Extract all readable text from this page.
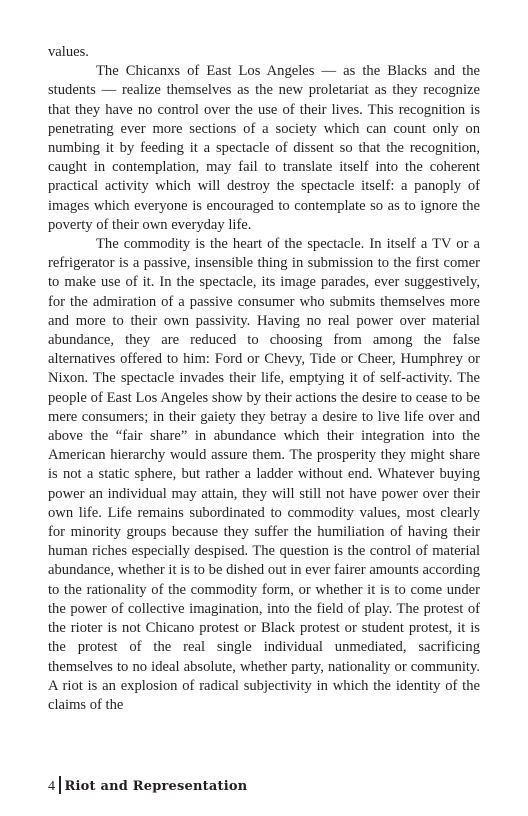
values.

The Chicanxs of East Los Angeles — as the Blacks and the students — realize themselves as the new proletariat as they recognize that they have no control over the use of their lives. This recognition is penetrating ever more sections of a society which can count only on numbing it by feeding it a spectacle of dissent so that the recognition, caught in contemplation, may fail to translate itself into the coherent practical activity which will destroy the spectacle itself: a panoply of images which everyone is encouraged to contemplate so as to ignore the poverty of their own everyday life.

The commodity is the heart of the spectacle. In itself a TV or a refrigerator is a passive, insensible thing in submission to the first comer to make use of it. In the spectacle, its image parades, ever suggestively, for the admiration of a passive consumer who submits themselves more and more to their own passivity. Having no real power over material abundance, they are reduced to choosing from among the false alternatives offered to him: Ford or Chevy, Tide or Cheer, Humphrey or Nixon. The spectacle invades their life, emptying it of self-activity. The people of East Los Angeles show by their actions the desire to cease to be mere consumers; in their gaiety they betray a desire to live life over and above the “fair share” in abundance which their integration into the American hierarchy would assure them. The prosperity they might share is not a static sphere, but rather a ladder without end. Whatever buying power an individual may attain, they will still not have power over their own life. Life remains subordinated to commodity values, most clearly for minority groups because they suffer the humiliation of having their human riches especially despised. The question is the control of material abundance, whether it is to be dished out in ever fairer amounts according to the rationality of the commodity form, or whether it is to come under the power of collective imagination, into the field of play. The protest of the rioter is not Chicano protest or Black protest or student protest, it is the protest of the real single individual unmediated, sacrificing themselves to no ideal absolute, whether party, nationality or community. A riot is an explosion of radical subjectivity in which the identity of the claims of the

4 Riot and Representation
